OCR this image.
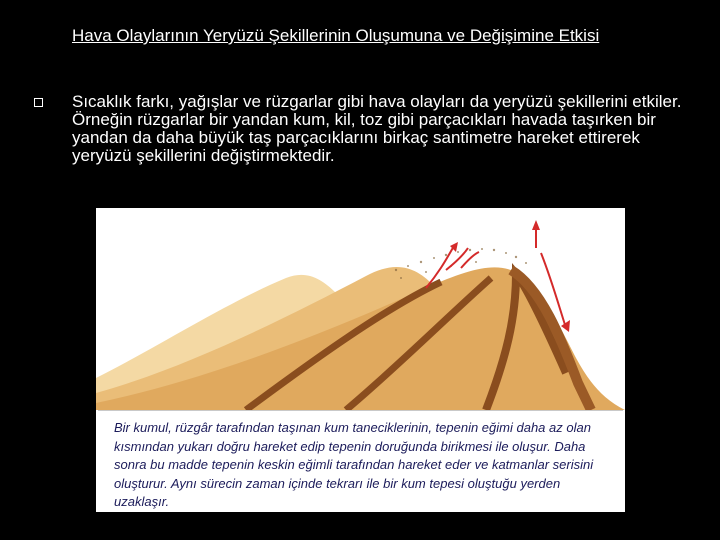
Hava Olaylarının Yeryüzü Şekillerinin Oluşumuna ve Değişimine Etkisi

Sıcaklık farkı, yağışlar ve rüzgarlar gibi hava olayları da yeryüzü şekillerini etkiler. Örneğin rüzgarlar bir yandan kum, kil, toz gibi parçacıkları havada taşırken bir yandan da daha büyük taş parçacıklarını birkaç santimetre hareket ettirerek yeryüzü şekillerini değiştirmektedir.

Bir kumul, rüzgâr tarafından taşınan kum taneciklerinin, tepenin eğimi daha az olan kısmından yukarı doğru hareket edip tepenin doruğunda birikmesi ile oluşur. Daha sonra bu madde tepenin keskin eğimli tarafından hareket eder ve katmanlar serisini oluşturur. Aynı sürecin zaman içinde tekrarı ile bir kum tepesi oluştuğu yerden uzaklaşır.
